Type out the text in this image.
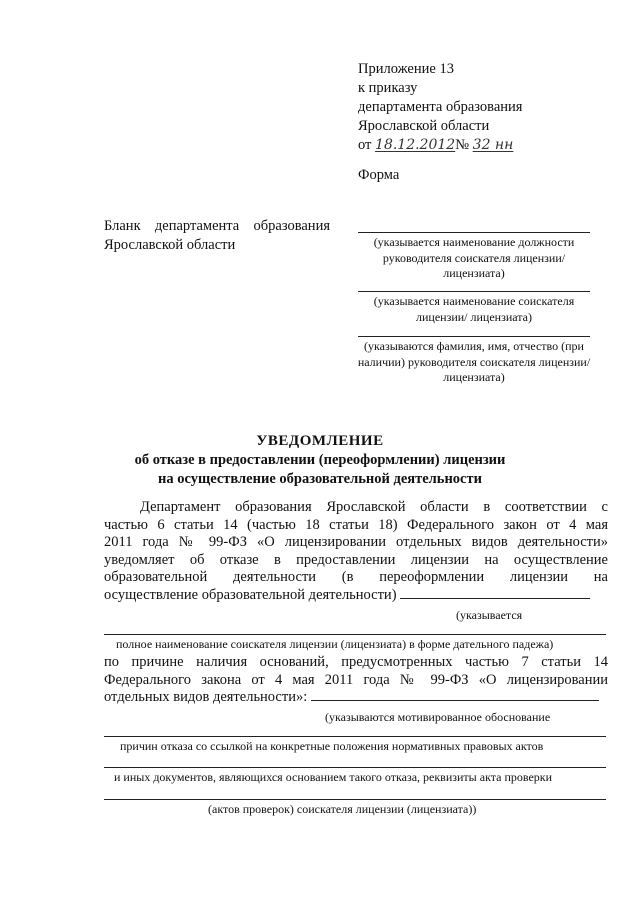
Приложение 13
к приказу
департамента образования
Ярославской области
от 18.12.2012№ 32 нн
Форма
Бланк департамента образования Ярославской области	(указывается наименование должности руководителя соискателя лицензии/ лицензиата)
(указывается наименование соискателя лицензии/ лицензиата)
(указываются фамилия, имя, отчество (при наличии) руководителя соискателя лицензии/ лицензиата)
УВЕДОМЛЕНИЕ
об отказе в предоставлении (переоформлении) лицензии
на осуществление образовательной деятельности
Департамент образования Ярославской области в соответствии с
частью 6 статьи 14 (частью 18 статьи 18) Федерального закон от 4 мая
2011 года № 99-ФЗ «О лицензировании отдельных видов деятельности»
уведомляет об отказе в предоставлении лицензии на осуществление
образовательной деятельности (в переоформлении лицензии на
осуществление образовательной деятельности)
(указывается
полное наименование соискателя лицензии (лицензиата) в форме дательного падежа)
по причине наличия оснований, предусмотренных частью 7 статьи 14
Федерального закона от 4 мая 2011 года № 99-ФЗ «О лицензировании
отдельных видов деятельности»:
(указываются мотивированное обоснование
причин отказа со ссылкой на конкретные положения нормативных правовых актов
и иных документов, являющихся основанием такого отказа, реквизиты акта проверки
(актов проверок) соискателя лицензии (лицензиата))
